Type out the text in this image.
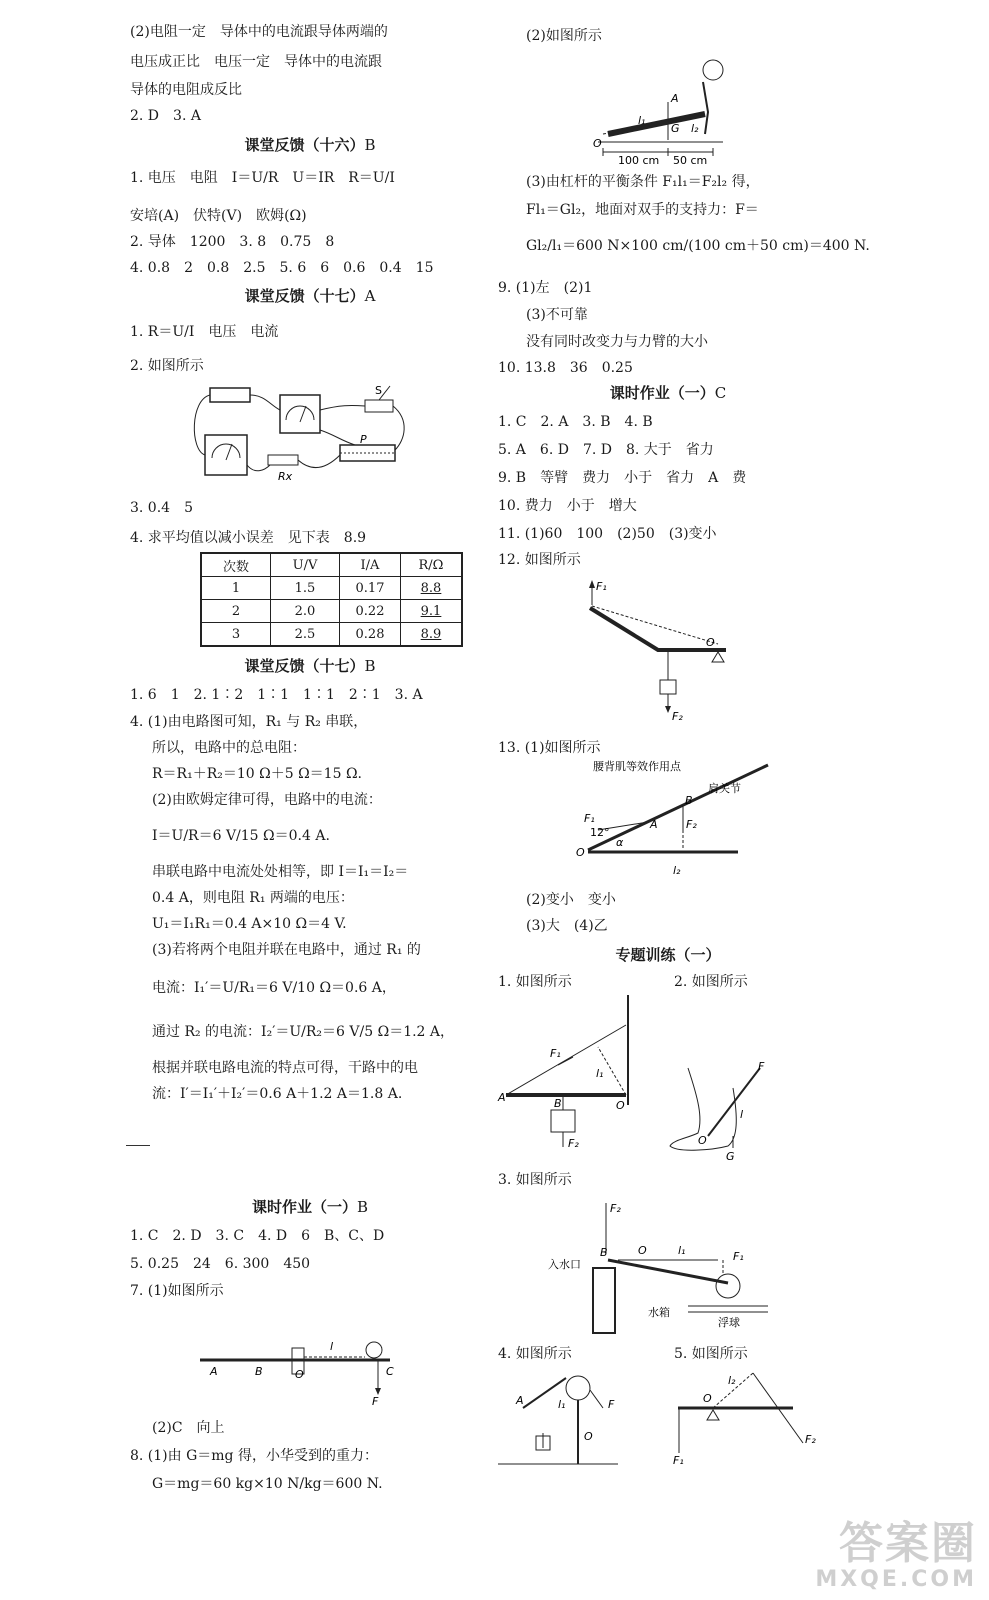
(2)电阻一定　导体中的电流跟导体两端的
电压成正比　电压一定　导体中的电流跟
导体的电阻成反比
2. D　3. A
课堂反馈（十六）B
1. 电压　电阻　I＝U/R　U＝IR　R＝U/I
安培(A)　伏特(V)　欧姆(Ω)
2. 导体　1200　3. 8　0.75　8
4. 0.8　2　0.8　2.5　5. 6　6　0.6　0.4　15
课堂反馈（十七）A
1. R＝U/I　电压　电流
2. 如图所示
S
P
Rx
3. 0.4　5
4. 求平均值以减小误差　见下表　8.9
次数	U/V	I/A	R/Ω
1	1.5	0.17	8.8
2	2.0	0.22	9.1
3	2.5	0.28	8.9
课堂反馈（十七）B
1. 6　1　2. 1∶2　1∶1　1∶1　2∶1　3. A
4. (1)由电路图可知，R₁ 与 R₂ 串联，
所以，电路中的总电阻：
R＝R₁＋R₂＝10 Ω＋5 Ω＝15 Ω.
(2)由欧姆定律可得，电路中的电流：
I＝U/R＝6 V/15 Ω＝0.4 A.
串联电路中电流处处相等，即 I＝I₁＝I₂＝
0.4 A，则电阻 R₁ 两端的电压：
U₁＝I₁R₁＝0.4 A×10 Ω＝4 V.
(3)若将两个电阻并联在电路中，通过 R₁ 的
电流：I₁′＝U/R₁＝6 V/10 Ω＝0.6 A，
通过 R₂ 的电流：I₂′＝U/R₂＝6 V/5 Ω＝1.2 A，
根据并联电路电流的特点可得，干路中的电
流：I′＝I₁′＋I₂′＝0.6 A＋1.2 A＝1.8 A.
课时作业（一）B
1. C　2. D　3. C　4. D　6　B、C、D
5. 0.25　24　6. 300　450
7. (1)如图所示
A	B	O
l
C
F
(2)C　向上
8. (1)由 G＝mg 得，小华受到的重力：
G＝mg＝60 kg×10 N/kg＝600 N.
(2)如图所示
O
A
l₁
G l₂
100 cm 50 cm
(3)由杠杆的平衡条件 F₁l₁＝F₂l₂ 得，
Fl₁＝Gl₂，地面对双手的支持力：F＝
Gl₂/l₁＝600 N×100 cm/(100 cm＋50 cm)＝400 N.
9. (1)左　(2)1
(3)不可靠
没有同时改变力与力臂的大小
10. 13.8　36　0.25
课时作业（一）C
1. C　2. A　3. B　4. B
5. A　6. D　7. D　8. 大于　省力
9. B　等臂　费力　小于　省力　A　费
10. 费力　小于　增大
11. (1)60　100　(2)50　(3)变小
12. 如图所示
F₁
O
F₂
13. (1)如图所示
腰背肌等效作用点
肩关节
B
A
F₁
12°
F₂
O
α
l₂
(2)变小　变小
(3)大　(4)乙
专题训练（一）
1. 如图所示	2. 如图所示
F₁
l₁
A
O
B
F₂
F
O
G
l
3. 如图所示
F₂
入水口
B	O	l₁	F₁
水箱
浮球
4. 如图所示	5. 如图所示
A	l₁	F
O
O
l₂
F₂
F₁
答案圈
MXQE.COM
